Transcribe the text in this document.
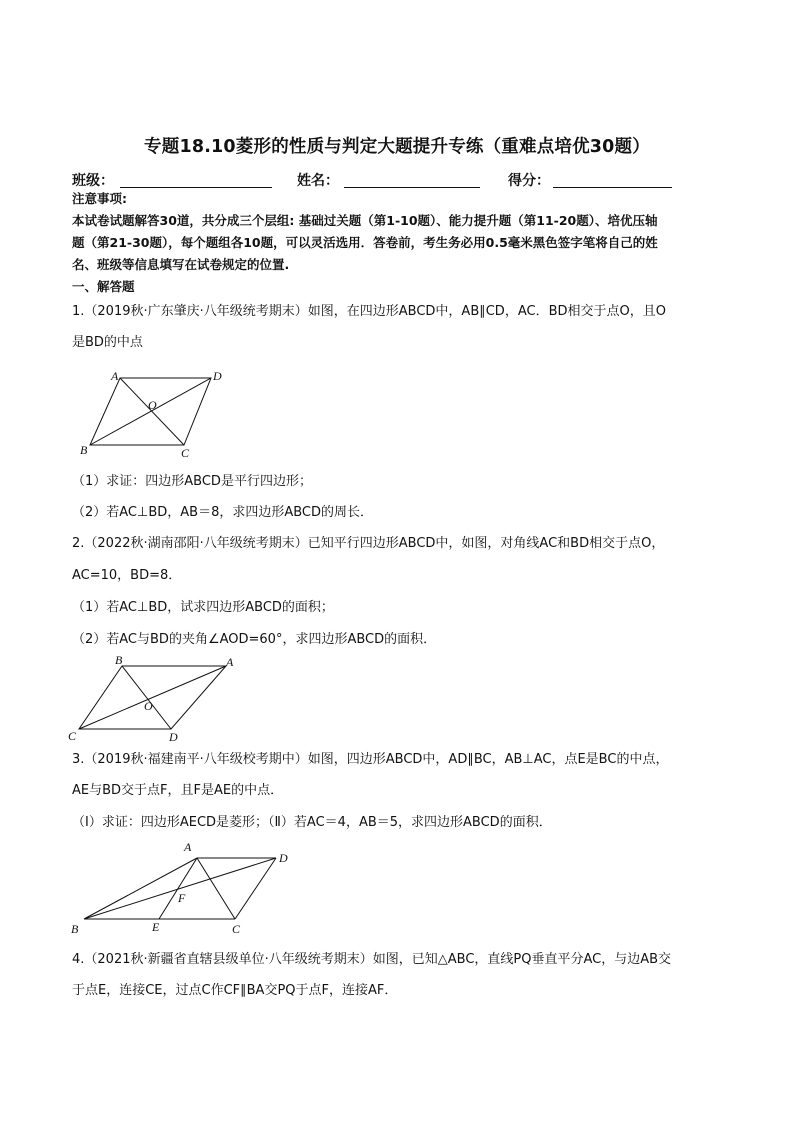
专题18.10菱形的性质与判定大题提升专练（重难点培优30题）
班级：	姓名：	得分：
注意事项:
本试卷试题解答30道，共分成三个层组: 基础过关题（第1-10题）、能力提升题（第11-20题）、培优压轴
题（第21-30题），每个题组各10题，可以灵活选用．答卷前，考生务必用0.5毫米黑色签字笔将自己的姓
名、班级等信息填写在试卷规定的位置.
一、解答题
1.（2019秋·广东肇庆·八年级统考期末）如图，在四边形ABCD中，AB∥CD，AC．BD相交于点O，且O
是BD的中点
A	D
B	C
O
（1）求证：四边形ABCD是平行四边形；
（2）若AC⊥BD，AB＝8，求四边形ABCD的周长．
2.（2022秋·湖南邵阳·八年级统考期末）已知平行四边形ABCD中，如图，对角线AC和BD相交于点O，
AC=10，BD=8．
（1）若AC⊥BD，试求四边形ABCD的面积；
（2）若AC与BD的夹角∠AOD=60°，求四边形ABCD的面积．
B	A
C	D
O
3.（2019秋·福建南平·八年级校考期中）如图，四边形ABCD中，AD∥BC，AB⊥AC，点E是BC的中点，
AE与BD交于点F，且F是AE的中点．
（Ⅰ）求证：四边形AECD是菱形；（Ⅱ）若AC＝4，AB＝5，求四边形ABCD的面积．
A
D
B	E	C
F
4.（2021秋·新疆省直辖县级单位·八年级统考期末）如图，已知△ABC，直线PQ垂直平分AC，与边AB交
于点E，连接CE，过点C作CF∥BA交PQ于点F，连接AF．
